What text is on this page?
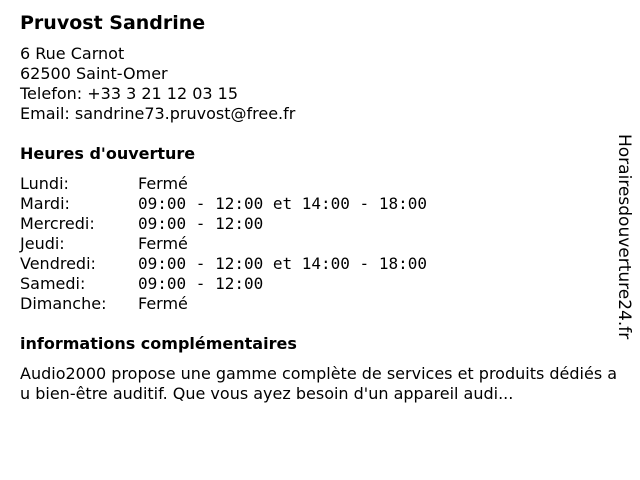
Pruvost Sandrine
6 Rue Carnot
62500 Saint-Omer
Telefon: +33 3 21 12 03 15
Email: sandrine73.pruvost@free.fr
Heures d'ouverture
Lundi:	Fermé
Mardi:	09:00 - 12:00 et 14:00 - 18:00
Mercredi:	09:00 - 12:00
Jeudi:	Fermé
Vendredi:	09:00 - 12:00 et 14:00 - 18:00
Samedi:	09:00 - 12:00
Dimanche:	Fermé
informations complémentaires
Audio2000 propose une gamme complète de services et produits dédiés au bien-être auditif. Que vous ayez besoin d'un appareil audi...
Horairesdouverture24.fr
